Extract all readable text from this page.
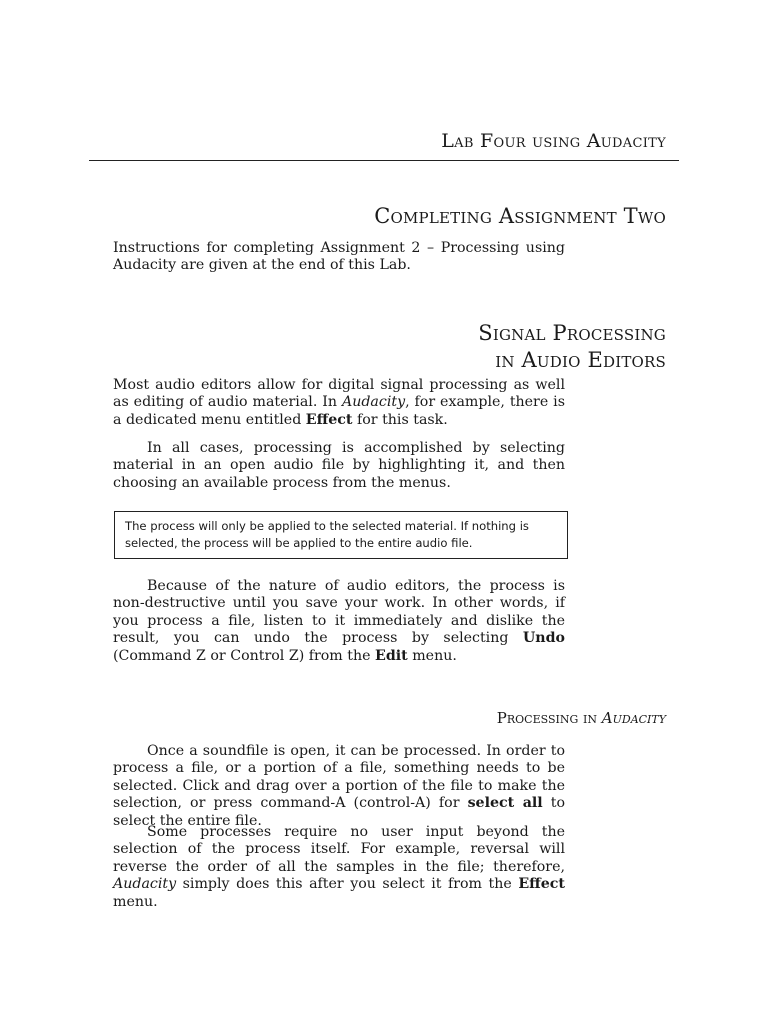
Lab Four using Audacity
Completing Assignment Two

Instructions for completing Assignment 2 – Processing using Audacity are given at the end of this Lab.

Signal Processing
in Audio Editors

Most audio editors allow for digital signal processing as well as editing of audio material. In Audacity, for example, there is a dedicated menu entitled Effect for this task.

In all cases, processing is accomplished by selecting material in an open audio file by highlighting it, and then choosing an available process from the menus.

The process will only be applied to the selected material. If nothing is selected, the process will be applied to the entire audio file.

Because of the nature of audio editors, the process is non-destructive until you save your work. In other words, if you process a file, listen to it immediately and dislike the result, you can undo the process by selecting Undo (Command Z or Control Z) from the Edit menu.

Processing in Audacity

Once a soundfile is open, it can be processed. In order to process a file, or a portion of a file, something needs to be selected. Click and drag over a portion of the file to make the selection, or press command-A (control-A) for select all to select the entire file.

Some processes require no user input beyond the selection of the process itself. For example, reversal will reverse the order of all the samples in the file; therefore, Audacity simply does this after you select it from the Effect menu.
